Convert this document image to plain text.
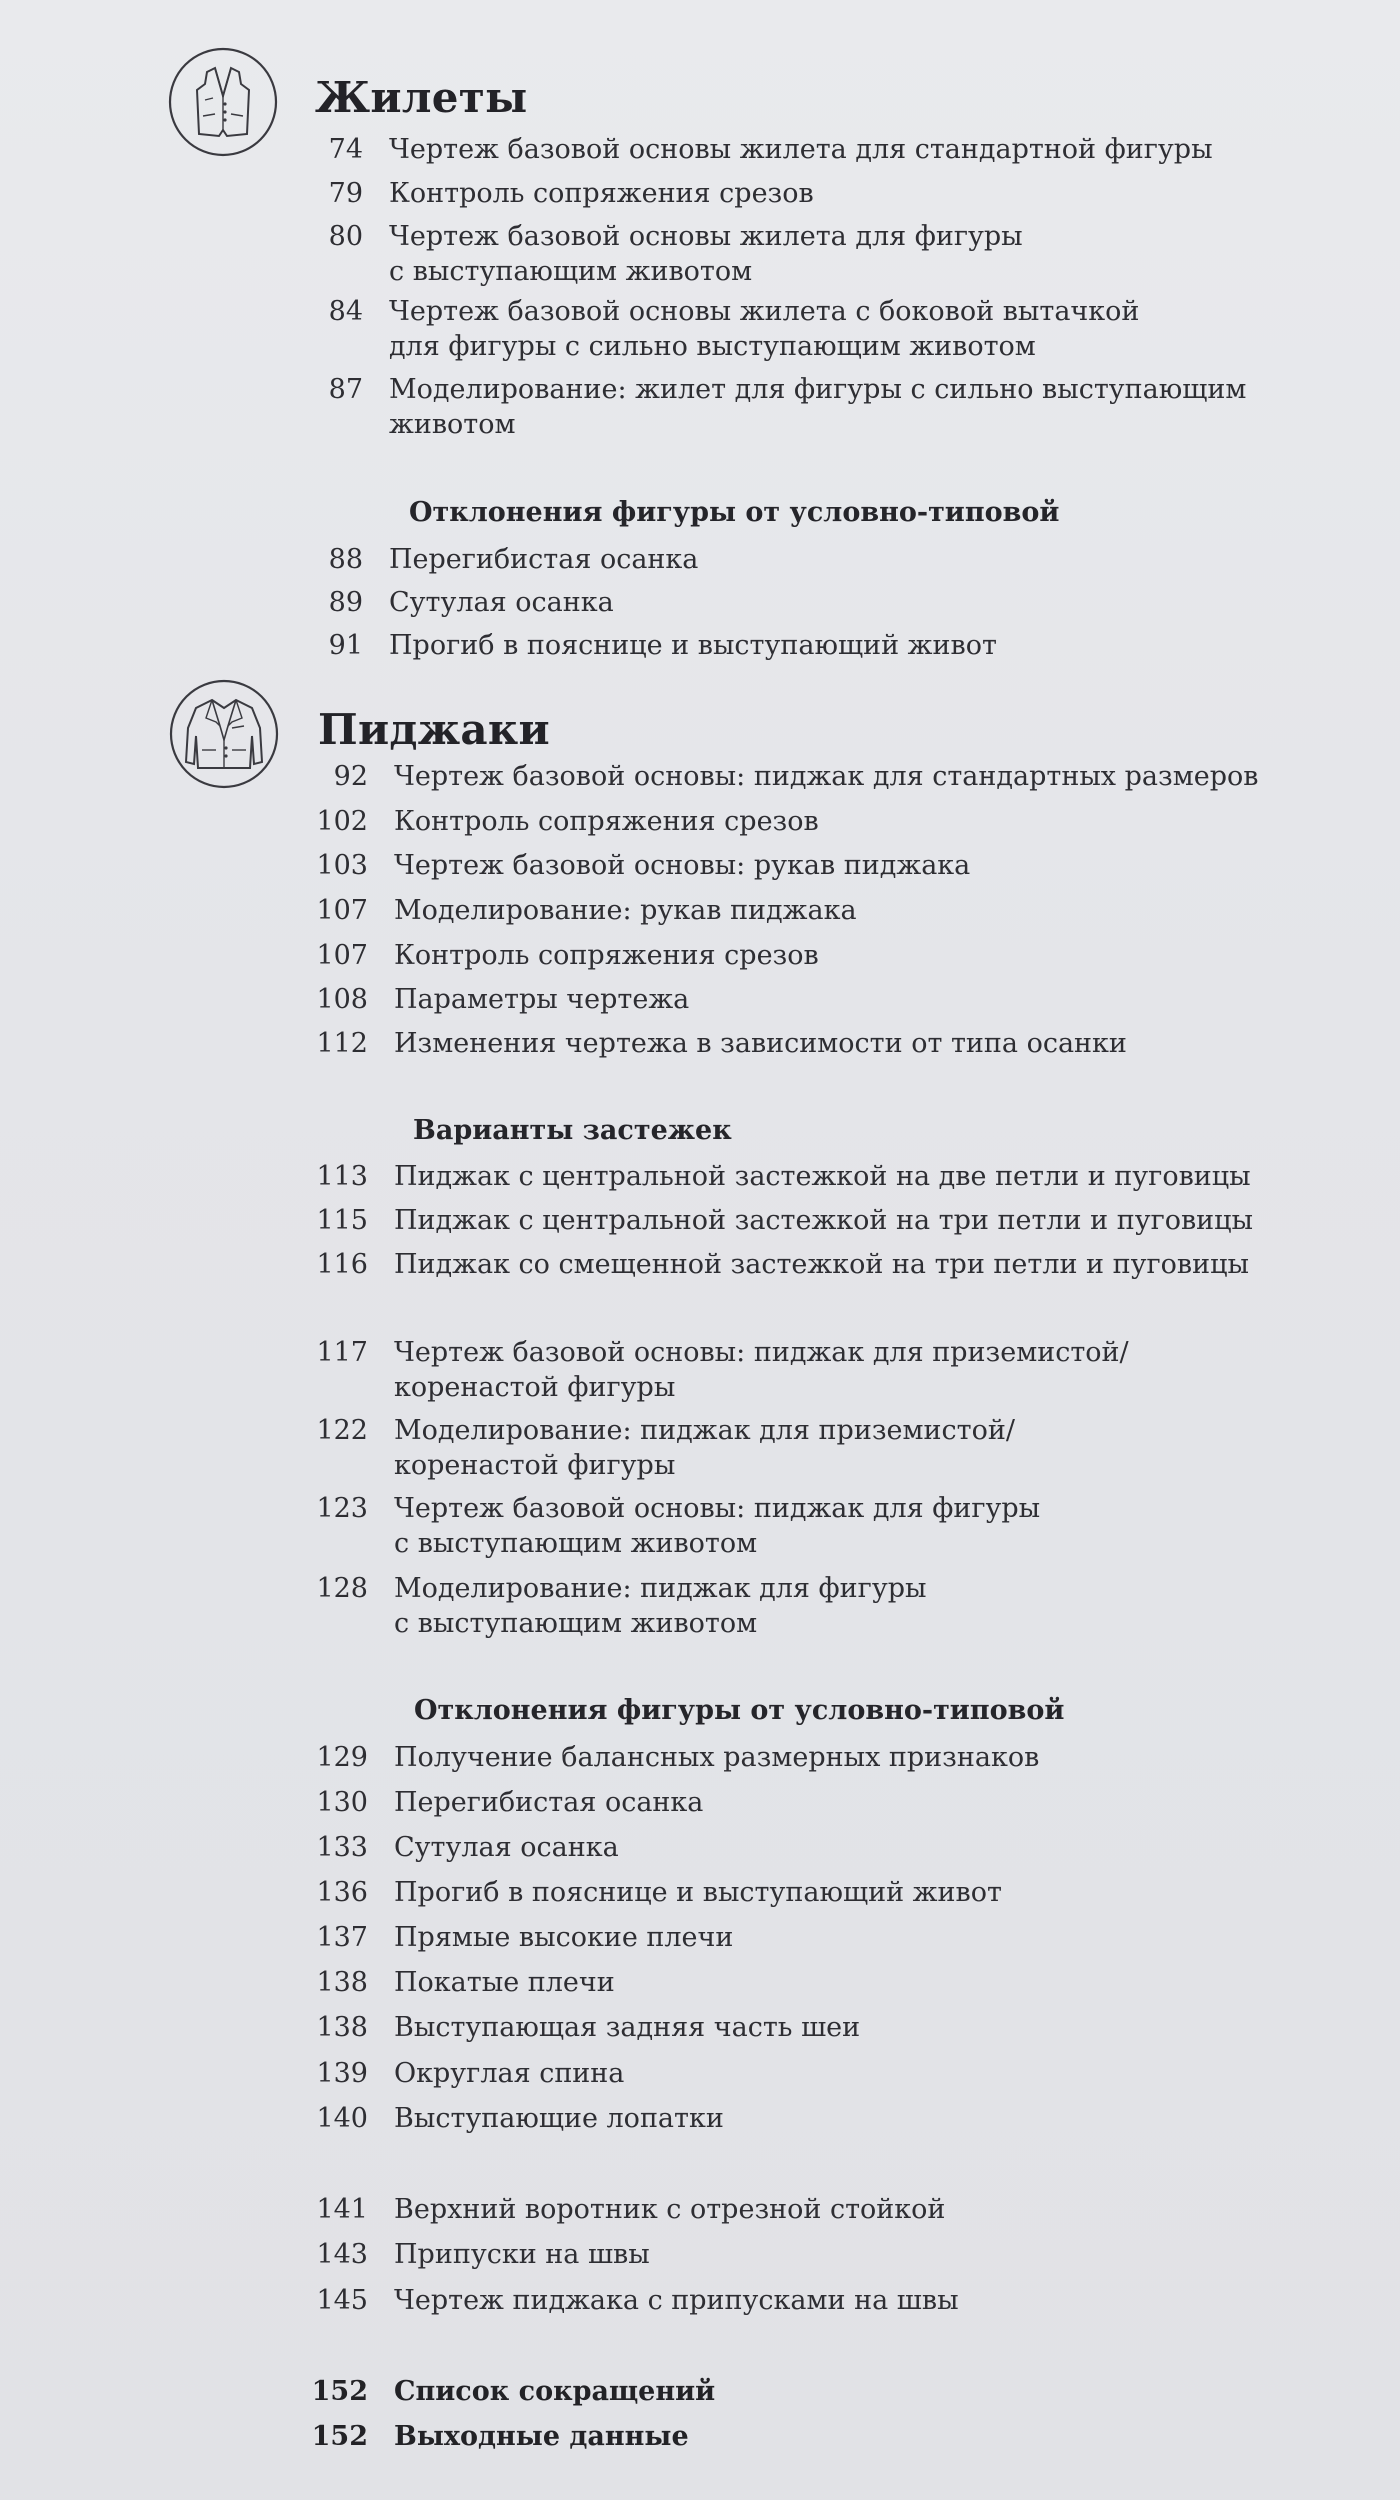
Жилеты
74 Чертеж базовой основы жилета для стандартной фигуры
79 Контроль сопряжения срезов
80 Чертеж базовой основы жилета для фигуры
с выступающим животом
84 Чертеж базовой основы жилета с боковой вытачкой
для фигуры с сильно выступающим животом
87 Моделирование: жилет для фигуры с сильно выступающим
животом
Отклонения фигуры от условно-типовой
88 Перегибистая осанка
89 Сутулая осанка
91 Прогиб в пояснице и выступающий живот
Пиджаки
92 Чертеж базовой основы: пиджак для стандартных размеров
102 Контроль сопряжения срезов
103 Чертеж базовой основы: рукав пиджака
107 Моделирование: рукав пиджака
107 Контроль сопряжения срезов
108 Параметры чертежа
112 Изменения чертежа в зависимости от типа осанки
Варианты застежек
113 Пиджак с центральной застежкой на две петли и пуговицы
115 Пиджак с центральной застежкой на три петли и пуговицы
116 Пиджак со смещенной застежкой на три петли и пуговицы
117 Чертеж базовой основы: пиджак для приземистой/
коренастой фигуры
122 Моделирование: пиджак для приземистой/
коренастой фигуры
123 Чертеж базовой основы: пиджак для фигуры
с выступающим животом
128 Моделирование: пиджак для фигуры
с выступающим животом
Отклонения фигуры от условно-типовой
129 Получение балансных размерных признаков
130 Перегибистая осанка
133 Сутулая осанка
136 Прогиб в пояснице и выступающий живот
137 Прямые высокие плечи
138 Покатые плечи
138 Выступающая задняя часть шеи
139 Округлая спина
140 Выступающие лопатки
141 Верхний воротник с отрезной стойкой
143 Припуски на швы
145 Чертеж пиджака с припусками на швы
152 Список сокращений
152 Выходные данные
